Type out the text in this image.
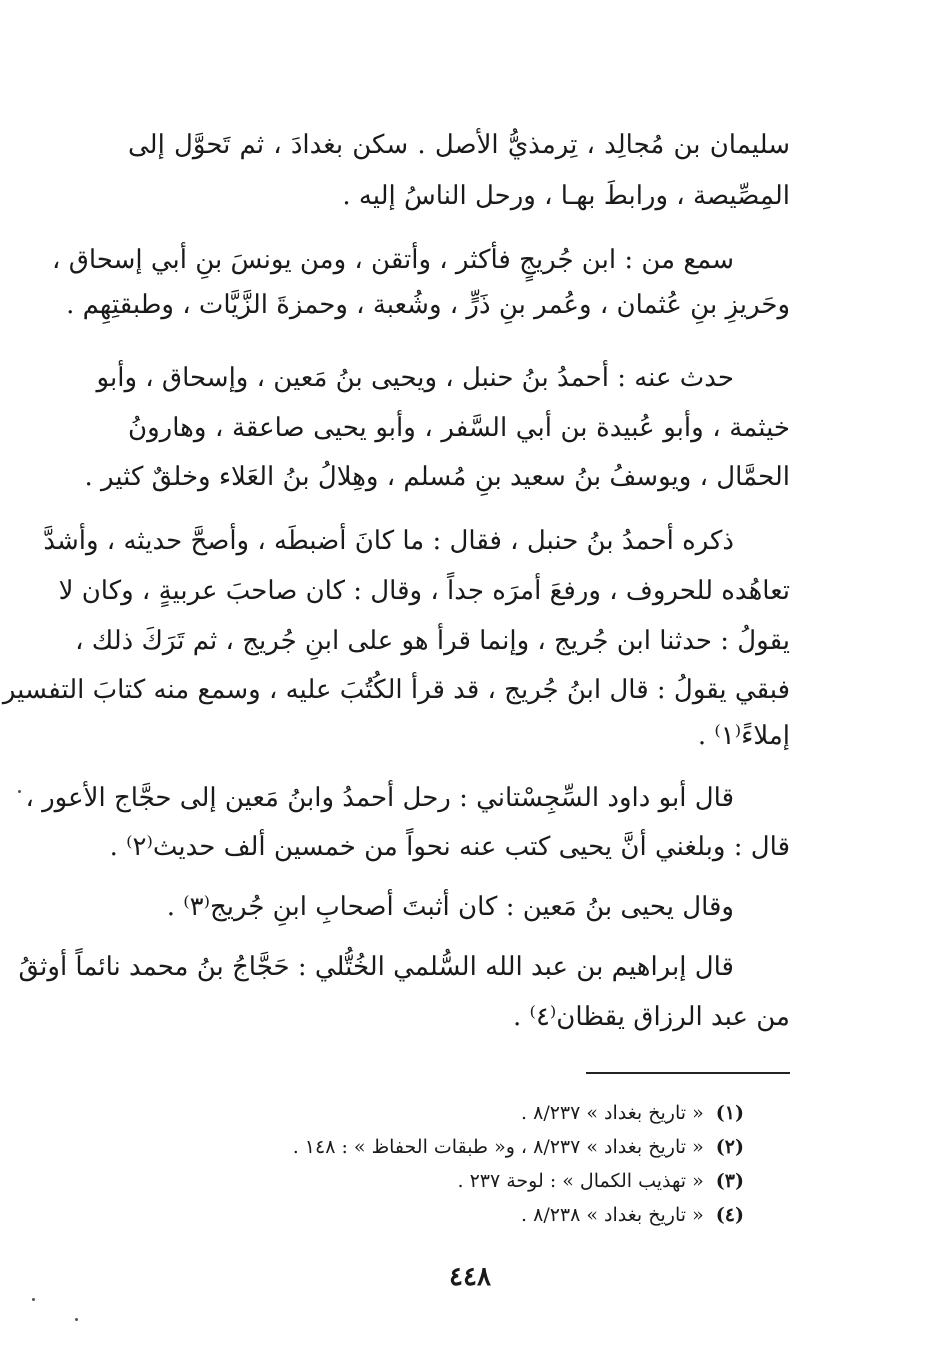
سليمان بن مُجالِد ، تِرمذيُّ الأصل . سكن بغدادَ ، ثم تَحوَّل إلى
المِصِّيصة ، ورابطَ بهـا ، ورحل الناسُ إليه .
سمع من : ابن جُريجٍ فأكثر ، وأتقن ، ومن يونسَ بنِ أبي إسحاق ،
وحَريزِ بنِ عُثمان ، وعُمر بنِ ذَرٍّ ، وشُعبة ، وحمزةَ الزَّيَّات ، وطبقتِهِم .
حدث عنه : أحمدُ بنُ حنبل ، ويحيى بنُ مَعين ، وإسحاق ، وأبو
خيثمة ، وأبو عُبيدة بن أبي السَّفر ، وأبو يحيى صاعقة ، وهارونُ
الحمَّال ، ويوسفُ بنُ سعيد بنِ مُسلم ، وهِلالُ بنُ العَلاء وخلقٌ كثير .
ذكره أحمدُ بنُ حنبل ، فقال : ما كانَ أضبطَه ، وأصحَّ حديثه ، وأشدَّ
تعاهُده للحروف ، ورفعَ أمرَه جداً ، وقال : كان صاحبَ عربيةٍ ، وكان لا
يقولُ : حدثنا ابن جُريج ، وإنما قرأ هو على ابنِ جُريج ، ثم تَرَكَ ذلك ،
فبقي يقولُ : قال ابنُ جُريج ، قد قرأ الكُتُبَ عليه ، وسمع منه كتابَ التفسير
إملاءً⁽١⁾ .
قال أبو داود السِّجِسْتاني : رحل أحمدُ وابنُ مَعين إلى حجَّاج الأعور ،
قال : وبلغني أنَّ يحيى كتب عنه نحواً من خمسين ألف حديث⁽٢⁾ .
وقال يحيى بنُ مَعين : كان أثبتَ أصحابِ ابنِ جُريج⁽٣⁾ .
قال إبراهيم بن عبد الله السُّلمي الخُتُّلي : حَجَّاجُ بنُ محمد نائماً أوثقُ
من عبد الرزاق يقظان⁽٤⁾ .
(١) « تاريخ بغداد » ٨/٢٣٧ .
(٢) « تاريخ بغداد » ٨/٢٣٧ ، و« طبقات الحفاظ » : ١٤٨ .
(٣) « تهذيب الكمال » : لوحة ٢٣٧ .
(٤) « تاريخ بغداد » ٨/٢٣٨ .
٤٤٨
